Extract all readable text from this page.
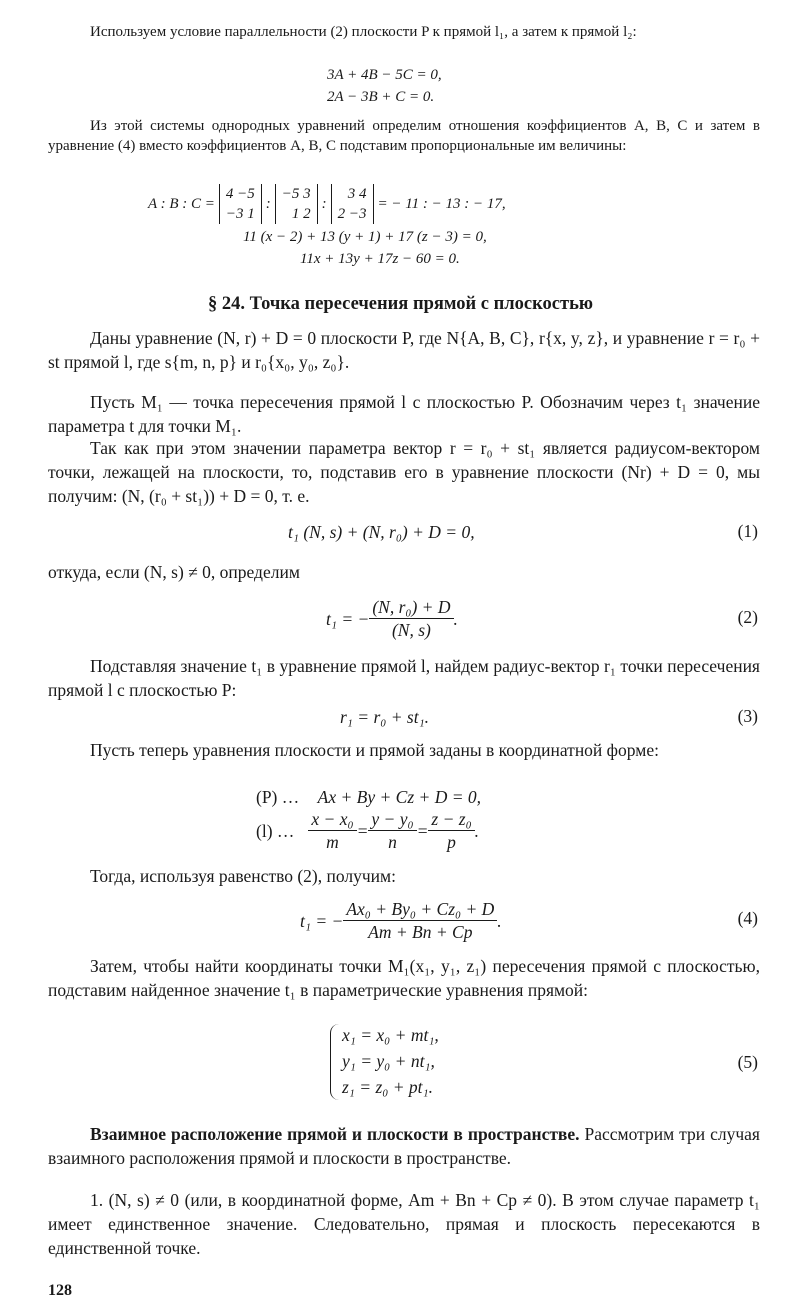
Используем условие параллельности (2) плоскости P к прямой l₁, а затем к прямой l₂:

3A + 4B − 5C = 0,
2A − 3B + C = 0.

Из этой системы однородных уравнений определим отношения коэффициентов A, B, C и затем в уравнение (4) вместо коэффициентов A, B, C подставим пропорциональные им величины:

A : B : C =
4 −5
−3 1
:
−5 3
1 2
:
3 4
2 −3
= − 11 : − 13 : − 17,
11 (x − 2) + 13 (y + 1) + 17 (z − 3) = 0,
11x + 13y + 17z − 60 = 0.
§ 24. Точка пересечения прямой с плоскостью

Даны уравнение (N, r) + D = 0 плоскости P, где N{A, B, C}, r{x, y, z}, и уравнение r = r₀ + st прямой l, где s{m, n, p} и r₀{x₀, y₀, z₀}.

Пусть M₁ — точка пересечения прямой l с плоскостью P. Обозначим через t₁ значение параметра t для точки M₁.

Так как при этом значении параметра вектор r = r₀ + st₁ является радиусом-вектором точки, лежащей на плоскости, то, подставив его в уравнение плоскости (Nr) + D = 0, мы получим: (N, (r₀ + st₁)) + D = 0, т. е.

t₁ (N, s) + (N, r₀) + D = 0,	(1)

откуда, если (N, s) ≠ 0, определим

t₁ = − $\frac{\text{(N, r₀) + D}}{(N, s)}$ .	(2)

Подставляя значение t₁ в уравнение прямой l, найдем радиус-вектор r₁ точки пересечения прямой l с плоскостью P:

r₁ = r₀ + st₁.	(3)

Пусть теперь уравнения плоскости и прямой заданы в координатной форме:

(P) … Ax + By + Cz + D = 0,
(l) … $\frac{\text{x − x₀}}{m} = \frac{\text{y − y₀}}{n} = \frac{\text{z − z₀}}{p}$ .

Тогда, используя равенство (2), получим:

t₁ = − $\frac{\text{Ax₀ + By₀ + Cz₀ + D}}{Am + Bn + Cp}$ .	(4)

Затем, чтобы найти координаты точки M₁(x₁, y₁, z₁) пересечения прямой с плоскостью, подставим найденное значение t₁ в параметрические уравнения прямой:

x₁ = x₀ + mt₁,
y₁ = y₀ + nt₁,
z₁ = z₀ + pt₁.
(5)

Взаимное расположение прямой и плоскости в пространстве. Рассмотрим три случая взаимного расположения прямой и плоскости в пространстве.

1. (N, s) ≠ 0 (или, в координатной форме, Am + Bn + Cp ≠ 0). В этом случае параметр t₁ имеет единственное значение. Следовательно, прямая и плоскость пересекаются в единственной точке.

128
